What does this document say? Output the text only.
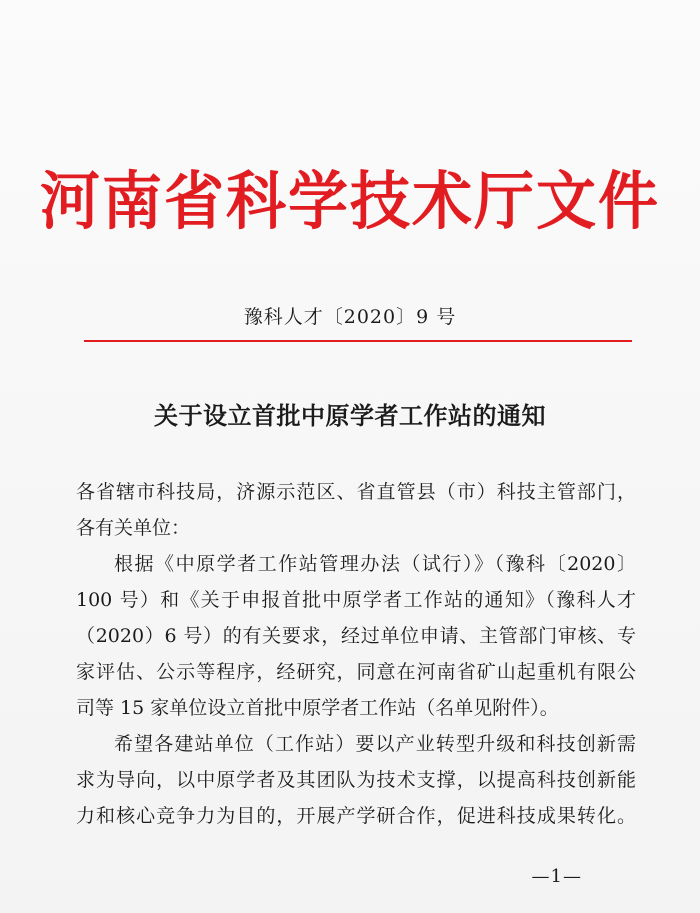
河南省科学技术厅文件
豫科人才〔2020〕9 号
关于设立首批中原学者工作站的通知
各省辖市科技局，济源示范区、省直管县（市）科技主管部门，
各有关单位：
根据《中原学者工作站管理办法（试行）》（豫科〔2020〕
100 号）和《关于申报首批中原学者工作站的通知》（豫科人才
（2020）6 号）的有关要求，经过单位申请、主管部门审核、专
家评估、公示等程序，经研究，同意在河南省矿山起重机有限公
司等 15 家单位设立首批中原学者工作站（名单见附件）。
希望各建站单位（工作站）要以产业转型升级和科技创新需
求为导向，以中原学者及其团队为技术支撑，以提高科技创新能
力和核心竞争力为目的，开展产学研合作，促进科技成果转化。
—1—
